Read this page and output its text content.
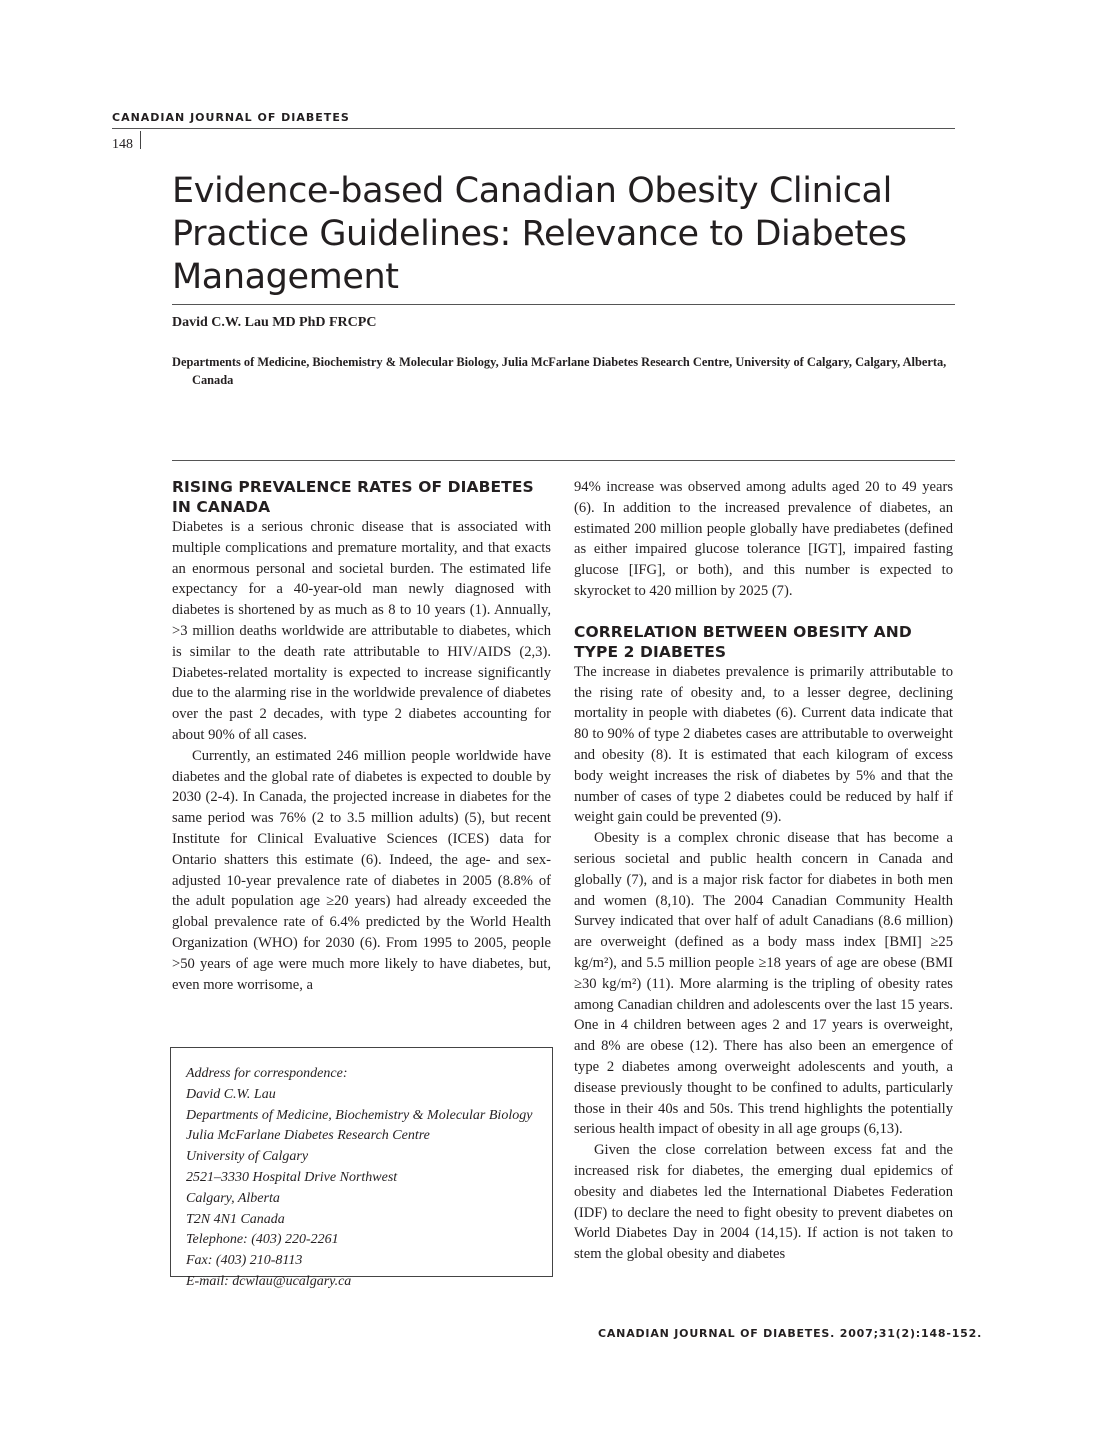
CANADIAN JOURNAL OF DIABETES
148
Evidence-based Canadian Obesity Clinical Practice Guidelines: Relevance to Diabetes Management
David C.W. Lau MD PhD FRCPC
Departments of Medicine, Biochemistry & Molecular Biology, Julia McFarlane Diabetes Research Centre, University of Calgary, Calgary, Alberta, Canada
RISING PREVALENCE RATES OF DIABETES IN CANADA

Diabetes is a serious chronic disease that is associated with multiple complications and premature mortality, and that exacts an enormous personal and societal burden. The estimated life expectancy for a 40-year-old man newly diagnosed with diabetes is shortened by as much as 8 to 10 years (1). Annually, >3 million deaths worldwide are attributable to diabetes, which is similar to the death rate attributable to HIV/AIDS (2,3). Diabetes-related mortality is expected to increase significantly due to the alarming rise in the worldwide prevalence of diabetes over the past 2 decades, with type 2 diabetes accounting for about 90% of all cases.

Currently, an estimated 246 million people worldwide have diabetes and the global rate of diabetes is expected to double by 2030 (2-4). In Canada, the projected increase in diabetes for the same period was 76% (2 to 3.5 million adults) (5), but recent Institute for Clinical Evaluative Sciences (ICES) data for Ontario shatters this estimate (6). Indeed, the age- and sex-adjusted 10-year prevalence rate of diabetes in 2005 (8.8% of the adult population age ≥20 years) had already exceeded the global prevalence rate of 6.4% predicted by the World Health Organization (WHO) for 2030 (6). From 1995 to 2005, people >50 years of age were much more likely to have diabetes, but, even more worrisome, a

94% increase was observed among adults aged 20 to 49 years (6). In addition to the increased prevalence of diabetes, an estimated 200 million people globally have prediabetes (defined as either impaired glucose tolerance [IGT], impaired fasting glucose [IFG], or both), and this number is expected to skyrocket to 420 million by 2025 (7).

CORRELATION BETWEEN OBESITY AND TYPE 2 DIABETES

The increase in diabetes prevalence is primarily attributable to the rising rate of obesity and, to a lesser degree, declining mortality in people with diabetes (6). Current data indicate that 80 to 90% of type 2 diabetes cases are attributable to overweight and obesity (8). It is estimated that each kilogram of excess body weight increases the risk of diabetes by 5% and that the number of cases of type 2 diabetes could be reduced by half if weight gain could be prevented (9).

Obesity is a complex chronic disease that has become a serious societal and public health concern in Canada and globally (7), and is a major risk factor for diabetes in both men and women (8,10). The 2004 Canadian Community Health Survey indicated that over half of adult Canadians (8.6 million) are overweight (defined as a body mass index [BMI] ≥25 kg/m²), and 5.5 million people ≥18 years of age are obese (BMI ≥30 kg/m²) (11). More alarming is the tripling of obesity rates among Canadian children and adolescents over the last 15 years. One in 4 children between ages 2 and 17 years is overweight, and 8% are obese (12). There has also been an emergence of type 2 diabetes among overweight adolescents and youth, a disease previously thought to be confined to adults, particularly those in their 40s and 50s. This trend highlights the potentially serious health impact of obesity in all age groups (6,13).

Given the close correlation between excess fat and the increased risk for diabetes, the emerging dual epidemics of obesity and diabetes led the International Diabetes Federation (IDF) to declare the need to fight obesity to prevent diabetes on World Diabetes Day in 2004 (14,15). If action is not taken to stem the global obesity and diabetes

Address for correspondence:
David C.W. Lau
Departments of Medicine, Biochemistry & Molecular Biology
Julia McFarlane Diabetes Research Centre
University of Calgary
2521–3330 Hospital Drive Northwest
Calgary, Alberta
T2N 4N1 Canada
Telephone: (403) 220-2261
Fax: (403) 210-8113
E-mail: dcwlau@ucalgary.ca
CANADIAN JOURNAL OF DIABETES. 2007;31(2):148-152.
